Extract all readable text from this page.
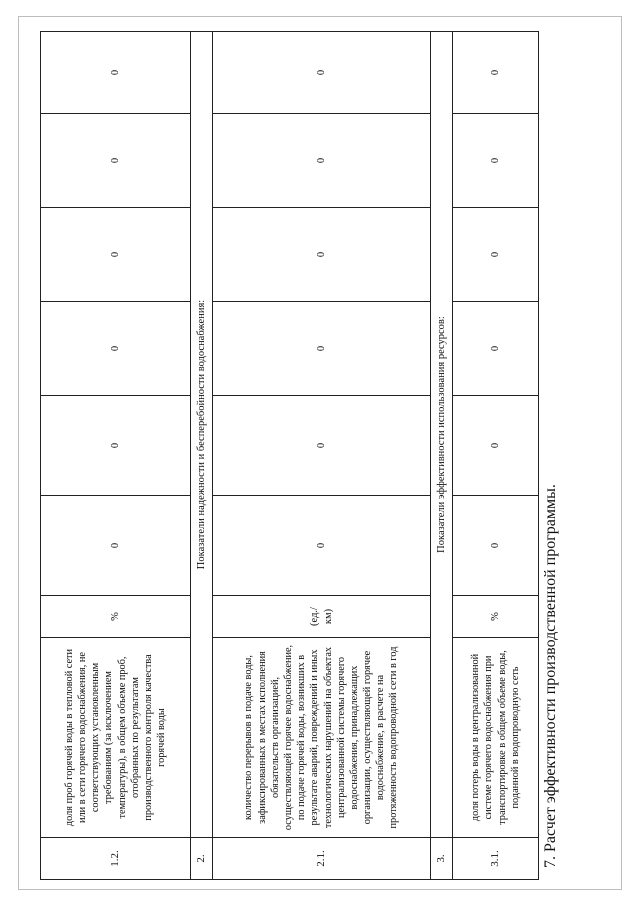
1.2.	доля проб горячей воды в тепловой сети или в сети горячего водоснабжения, не соответствующих установленным требованиям (за исключением температуры), в общем объеме проб, отобранных по результатам производственного контроля качества горячей воды	%	0	0	0	0	0	0
2.	Показатели надежности и бесперебойности водоснабжения:							
2.1.	количество перерывов в подаче воды, зафиксированных в местах исполнения обязательств организацией, осуществляющей горячее водоснабжение, по подаче горячей воды, возникших в результате аварий, повреждений и иных технологических нарушений на объектах централизованной системы горячего водоснабжения, принадлежащих организации, осуществляющей горячее водоснабжение, в расчете на протяженность водопроводной сети в год	(ед./км)	0	0	0	0	0	0
3.	Показатели эффективности использования ресурсов:							
3.1.	доля потерь воды в централизованной системе горячего водоснабжения при транспортировке в общем объеме воды, поданной в водопроводную сеть	%	0	0	0	0	0	0
7. Расчет эффективности производственной программы.
